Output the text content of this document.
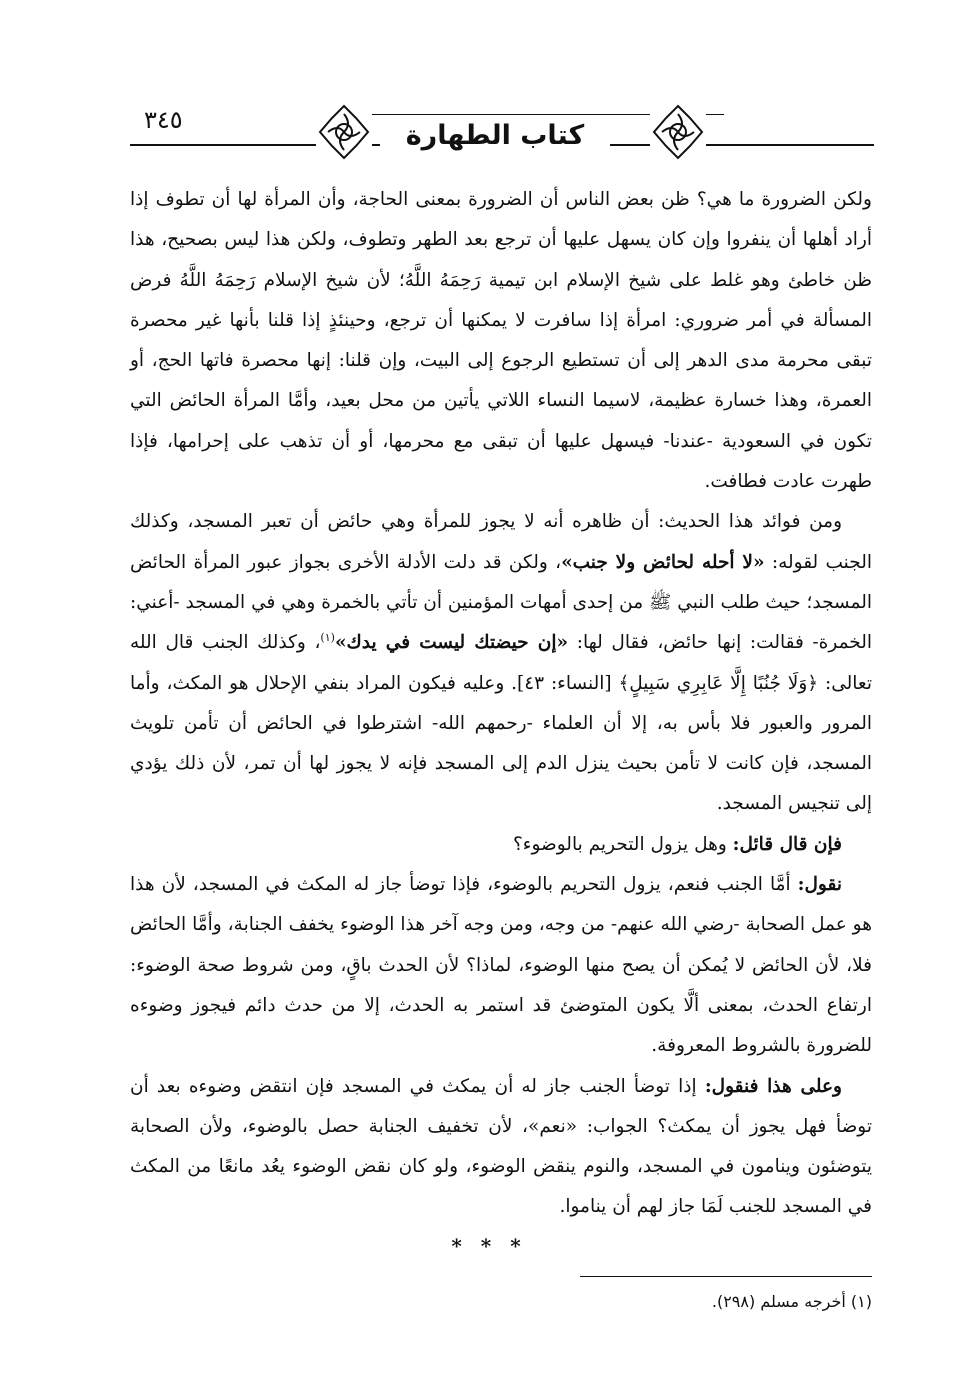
٣٤٥	كتاب الطهارة

ولكن الضرورة ما هي؟ ظن بعض الناس أن الضرورة بمعنى الحاجة، وأن المرأة لها أن تطوف إذا أراد أهلها أن ينفروا وإن كان يسهل عليها أن ترجع بعد الطهر وتطوف، ولكن هذا ليس بصحيح، هذا ظن خاطئ وهو غلط على شيخ الإسلام ابن تيمية رَحِمَهُ اللَّهُ؛ لأن شيخ الإسلام رَحِمَهُ اللَّهُ فرض المسألة في أمر ضروري: امرأة إذا سافرت لا يمكنها أن ترجع، وحينئذٍ إذا قلنا بأنها غير محصرة تبقى محرمة مدى الدهر إلى أن تستطيع الرجوع إلى البيت، وإن قلنا: إنها محصرة فاتها الحج، أو العمرة، وهذا خسارة عظيمة، لاسيما النساء اللاتي يأتين من محل بعيد، وأمَّا المرأة الحائض التي تكون في السعودية -عندنا- فيسهل عليها أن تبقى مع محرمها، أو أن تذهب على إحرامها، فإذا طهرت عادت فطافت.

ومن فوائد هذا الحديث: أن ظاهره أنه لا يجوز للمرأة وهي حائض أن تعبر المسجد، وكذلك الجنب لقوله: «لا أحله لحائض ولا جنب»، ولكن قد دلت الأدلة الأخرى بجواز عبور المرأة الحائض المسجد؛ حيث طلب النبي ﷺ من إحدى أمهات المؤمنين أن تأتي بالخمرة وهي في المسجد -أعني: الخمرة- فقالت: إنها حائض، فقال لها: «إن حيضتك ليست في يدك»$^{(١)}$، وكذلك الجنب قال الله تعالى: ﴿وَلَا جُنُبًا إِلَّا عَابِرِي سَبِيلٍ﴾ [النساء: ٤٣]. وعليه فيكون المراد بنفي الإحلال هو المكث، وأما المرور والعبور فلا بأس به، إلا أن العلماء -رحمهم الله- اشترطوا في الحائض أن تأمن تلويث المسجد، فإن كانت لا تأمن بحيث ينزل الدم إلى المسجد فإنه لا يجوز لها أن تمر، لأن ذلك يؤدي إلى تنجيس المسجد.

فإن قال قائل: وهل يزول التحريم بالوضوء؟

نقول: أمَّا الجنب فنعم، يزول التحريم بالوضوء، فإذا توضأ جاز له المكث في المسجد، لأن هذا هو عمل الصحابة -رضي الله عنهم- من وجه، ومن وجه آخر هذا الوضوء يخفف الجنابة، وأمَّا الحائض فلا، لأن الحائض لا يُمكن أن يصح منها الوضوء، لماذا؟ لأن الحدث باقٍ، ومن شروط صحة الوضوء: ارتفاع الحدث، بمعنى ألَّا يكون المتوضئ قد استمر به الحدث، إلا من حدث دائم فيجوز وضوءه للضرورة بالشروط المعروفة.

وعلى هذا فنقول: إذا توضأ الجنب جاز له أن يمكث في المسجد فإن انتقض وضوءه بعد أن توضأ فهل يجوز أن يمكث؟ الجواب: «نعم»، لأن تخفيف الجنابة حصل بالوضوء، ولأن الصحابة يتوضئون وينامون في المسجد، والنوم ينقض الوضوء، ولو كان نقض الوضوء يعُد مانعًا من المكث في المسجد للجنب لَمَا جاز لهم أن يناموا.

* * *
(١) أخرجه مسلم (٢٩٨).
